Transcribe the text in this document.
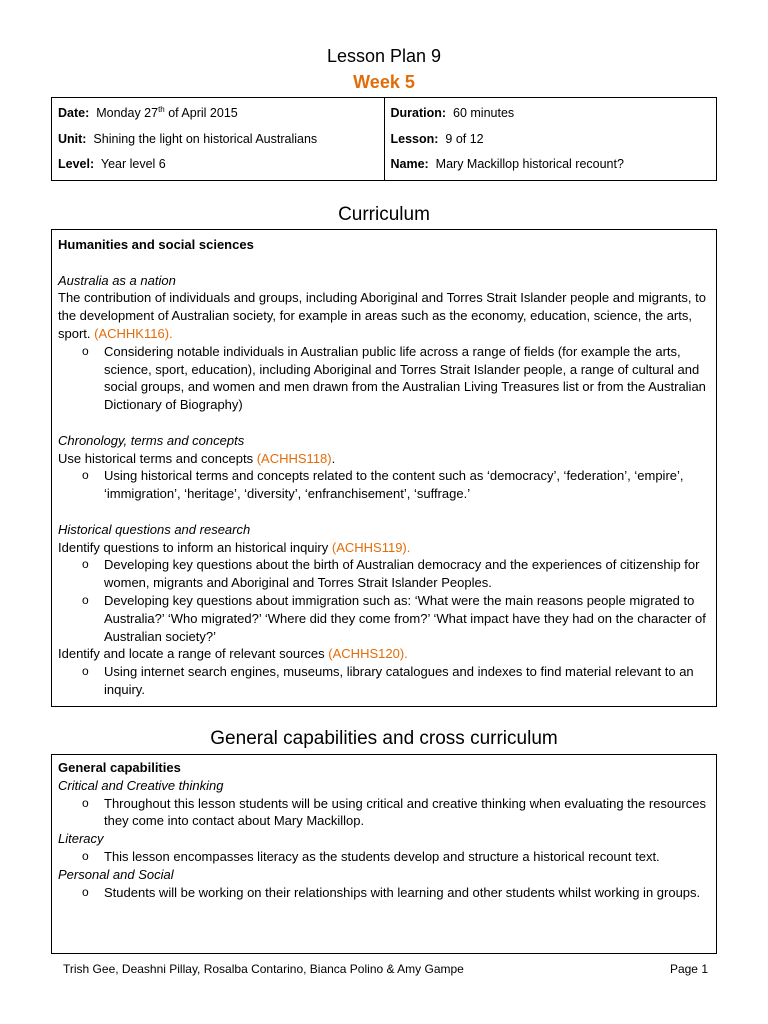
Lesson Plan 9
Week 5
Date: Monday 27th of April 2015
Unit: Shining the light on historical Australians
Level: Year level 6
Duration: 60 minutes
Lesson: 9 of 12
Name: Mary Mackillop historical recount?
Curriculum
Humanities and social sciences
Australia as a nation
The contribution of individuals and groups, including Aboriginal and Torres Strait Islander people and migrants, to the development of Australian society, for example in areas such as the economy, education, science, the arts, sport. (ACHHK116).
o Considering notable individuals in Australian public life across a range of fields (for example the arts, science, sport, education), including Aboriginal and Torres Strait Islander people, a range of cultural and social groups, and women and men drawn from the Australian Living Treasures list or from the Australian Dictionary of Biography)
Chronology, terms and concepts
Use historical terms and concepts (ACHHS118).
o Using historical terms and concepts related to the content such as ‘democracy’, ‘federation’, ‘empire’, ‘immigration’, ‘heritage’, ‘diversity’, ‘enfranchisement’, ‘suffrage.’
Historical questions and research
Identify questions to inform an historical inquiry (ACHHS119).
o Developing key questions about the birth of Australian democracy and the experiences of citizenship for women, migrants and Aboriginal and Torres Strait Islander Peoples.
o Developing key questions about immigration such as: ‘What were the main reasons people migrated to Australia?’ ‘Who migrated?’ ‘Where did they come from?’ ‘What impact have they had on the character of Australian society?’
Identify and locate a range of relevant sources (ACHHS120).
o Using internet search engines, museums, library catalogues and indexes to find material relevant to an inquiry.
General capabilities and cross curriculum
General capabilities
Critical and Creative thinking
o Throughout this lesson students will be using critical and creative thinking when evaluating the resources they come into contact about Mary Mackillop.
Literacy
o This lesson encompasses literacy as the students develop and structure a historical recount text.
Personal and Social
o Students will be working on their relationships with learning and other students whilst working in groups.
Trish Gee, Deashni Pillay, Rosalba Contarino, Bianca Polino & Amy Gampe	Page 1
